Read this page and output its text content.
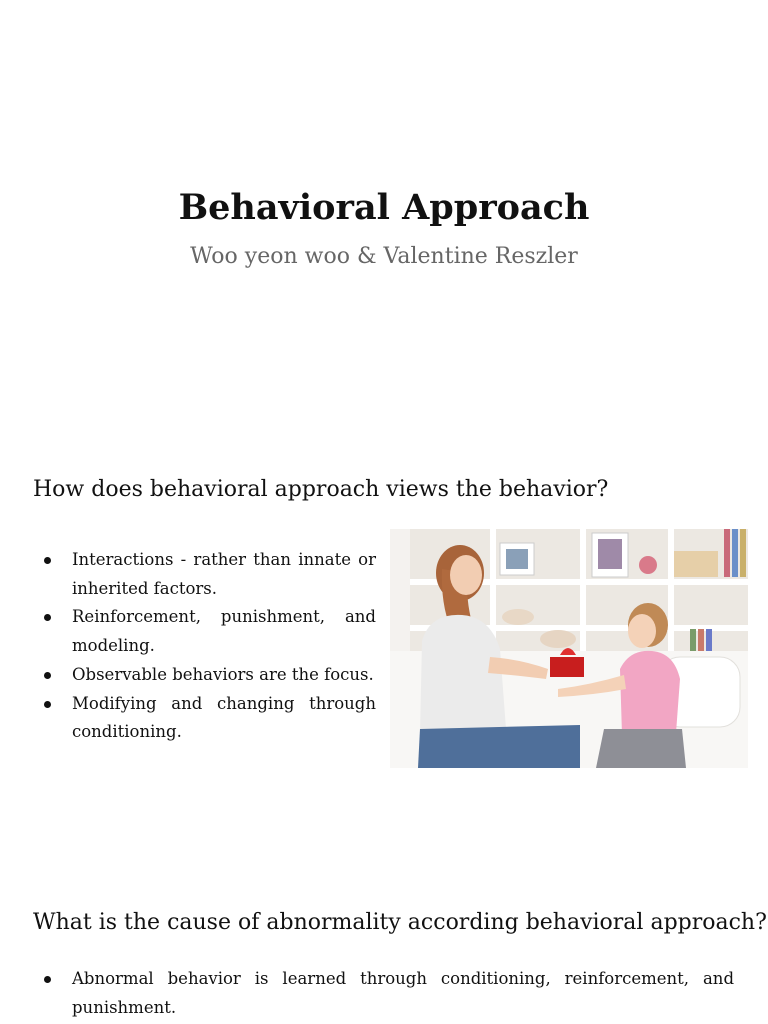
Behavioral Approach
Woo yeon woo & Valentine Reszler
How does behavioral approach views the behavior?
Interactions - rather than innate or inherited factors.
Reinforcement, punishment, and modeling.
Observable behaviors are the focus.
Modifying and changing through conditioning.
What is the cause of abnormality according behavioral approach?
Abnormal behavior is learned through conditioning, reinforcement, and punishment.
